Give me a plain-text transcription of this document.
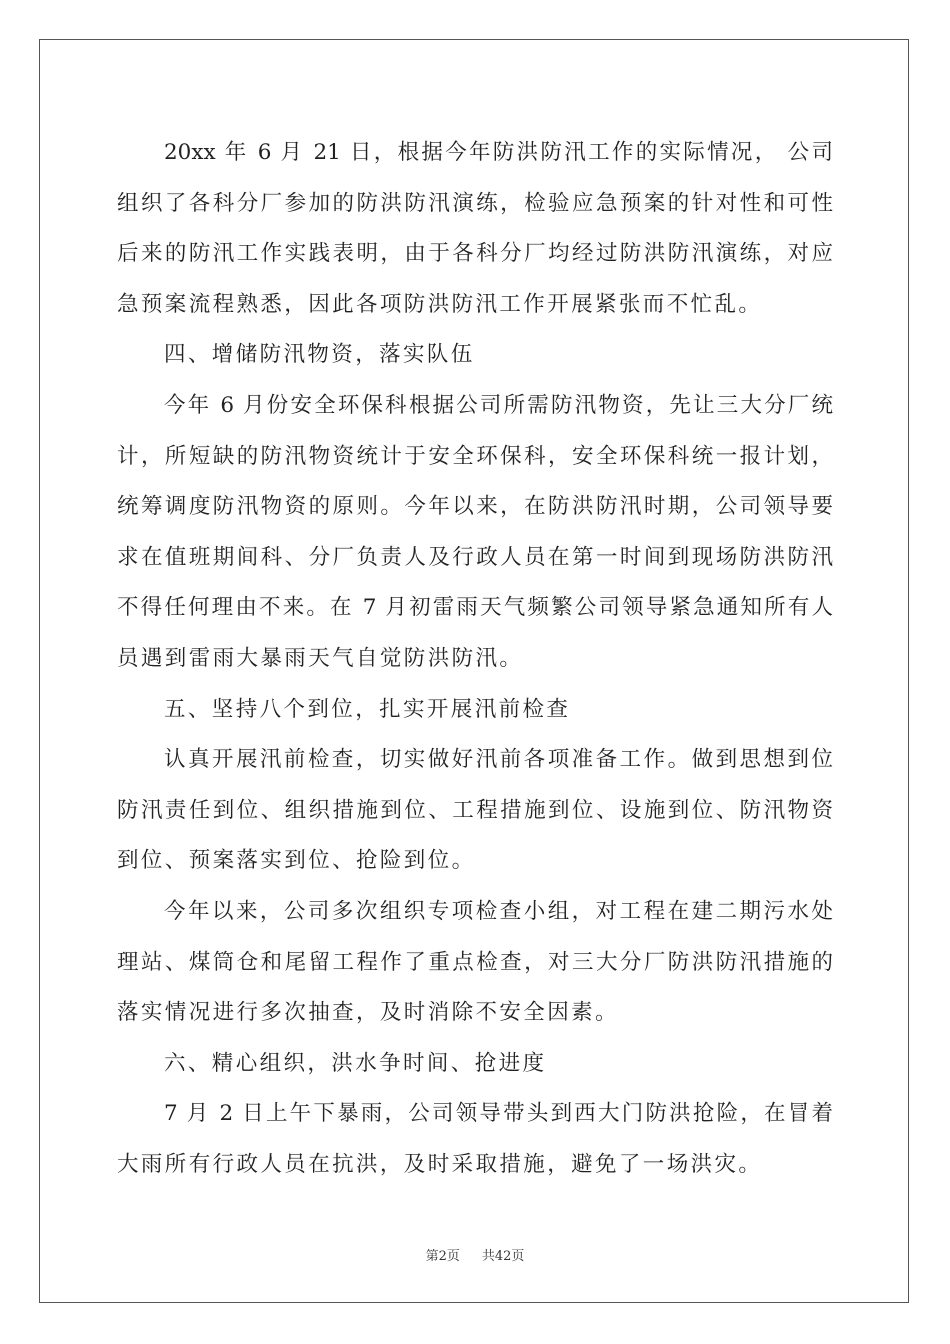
20xx 年 6 月 21 日，根据今年防洪防汛工作的实际情况， 公司
组织了各科分厂参加的防洪防汛演练，检验应急预案的针对性和可性
后来的防汛工作实践表明，由于各科分厂均经过防洪防汛演练，对应
急预案流程熟悉，因此各项防洪防汛工作开展紧张而不忙乱。
四、增储防汛物资，落实队伍
今年 6 月份安全环保科根据公司所需防汛物资，先让三大分厂统
计，所短缺的防汛物资统计于安全环保科，安全环保科统一报计划，
统筹调度防汛物资的原则。今年以来，在防洪防汛时期，公司领导要
求在值班期间科、分厂负责人及行政人员在第一时间到现场防洪防汛
不得任何理由不来。在 7 月初雷雨天气频繁公司领导紧急通知所有人
员遇到雷雨大暴雨天气自觉防洪防汛。
五、坚持八个到位，扎实开展汛前检查
认真开展汛前检查，切实做好汛前各项准备工作。做到思想到位
防汛责任到位、组织措施到位、工程措施到位、设施到位、防汛物资
到位、预案落实到位、抢险到位。
今年以来，公司多次组织专项检查小组，对工程在建二期污水处
理站、煤筒仓和尾留工程作了重点检查，对三大分厂防洪防汛措施的
落实情况进行多次抽查，及时消除不安全因素。
六、精心组织，洪水争时间、抢进度
7 月 2 日上午下暴雨，公司领导带头到西大门防洪抢险，在冒着
大雨所有行政人员在抗洪，及时采取措施，避免了一场洪灾。
第2页 共42页
